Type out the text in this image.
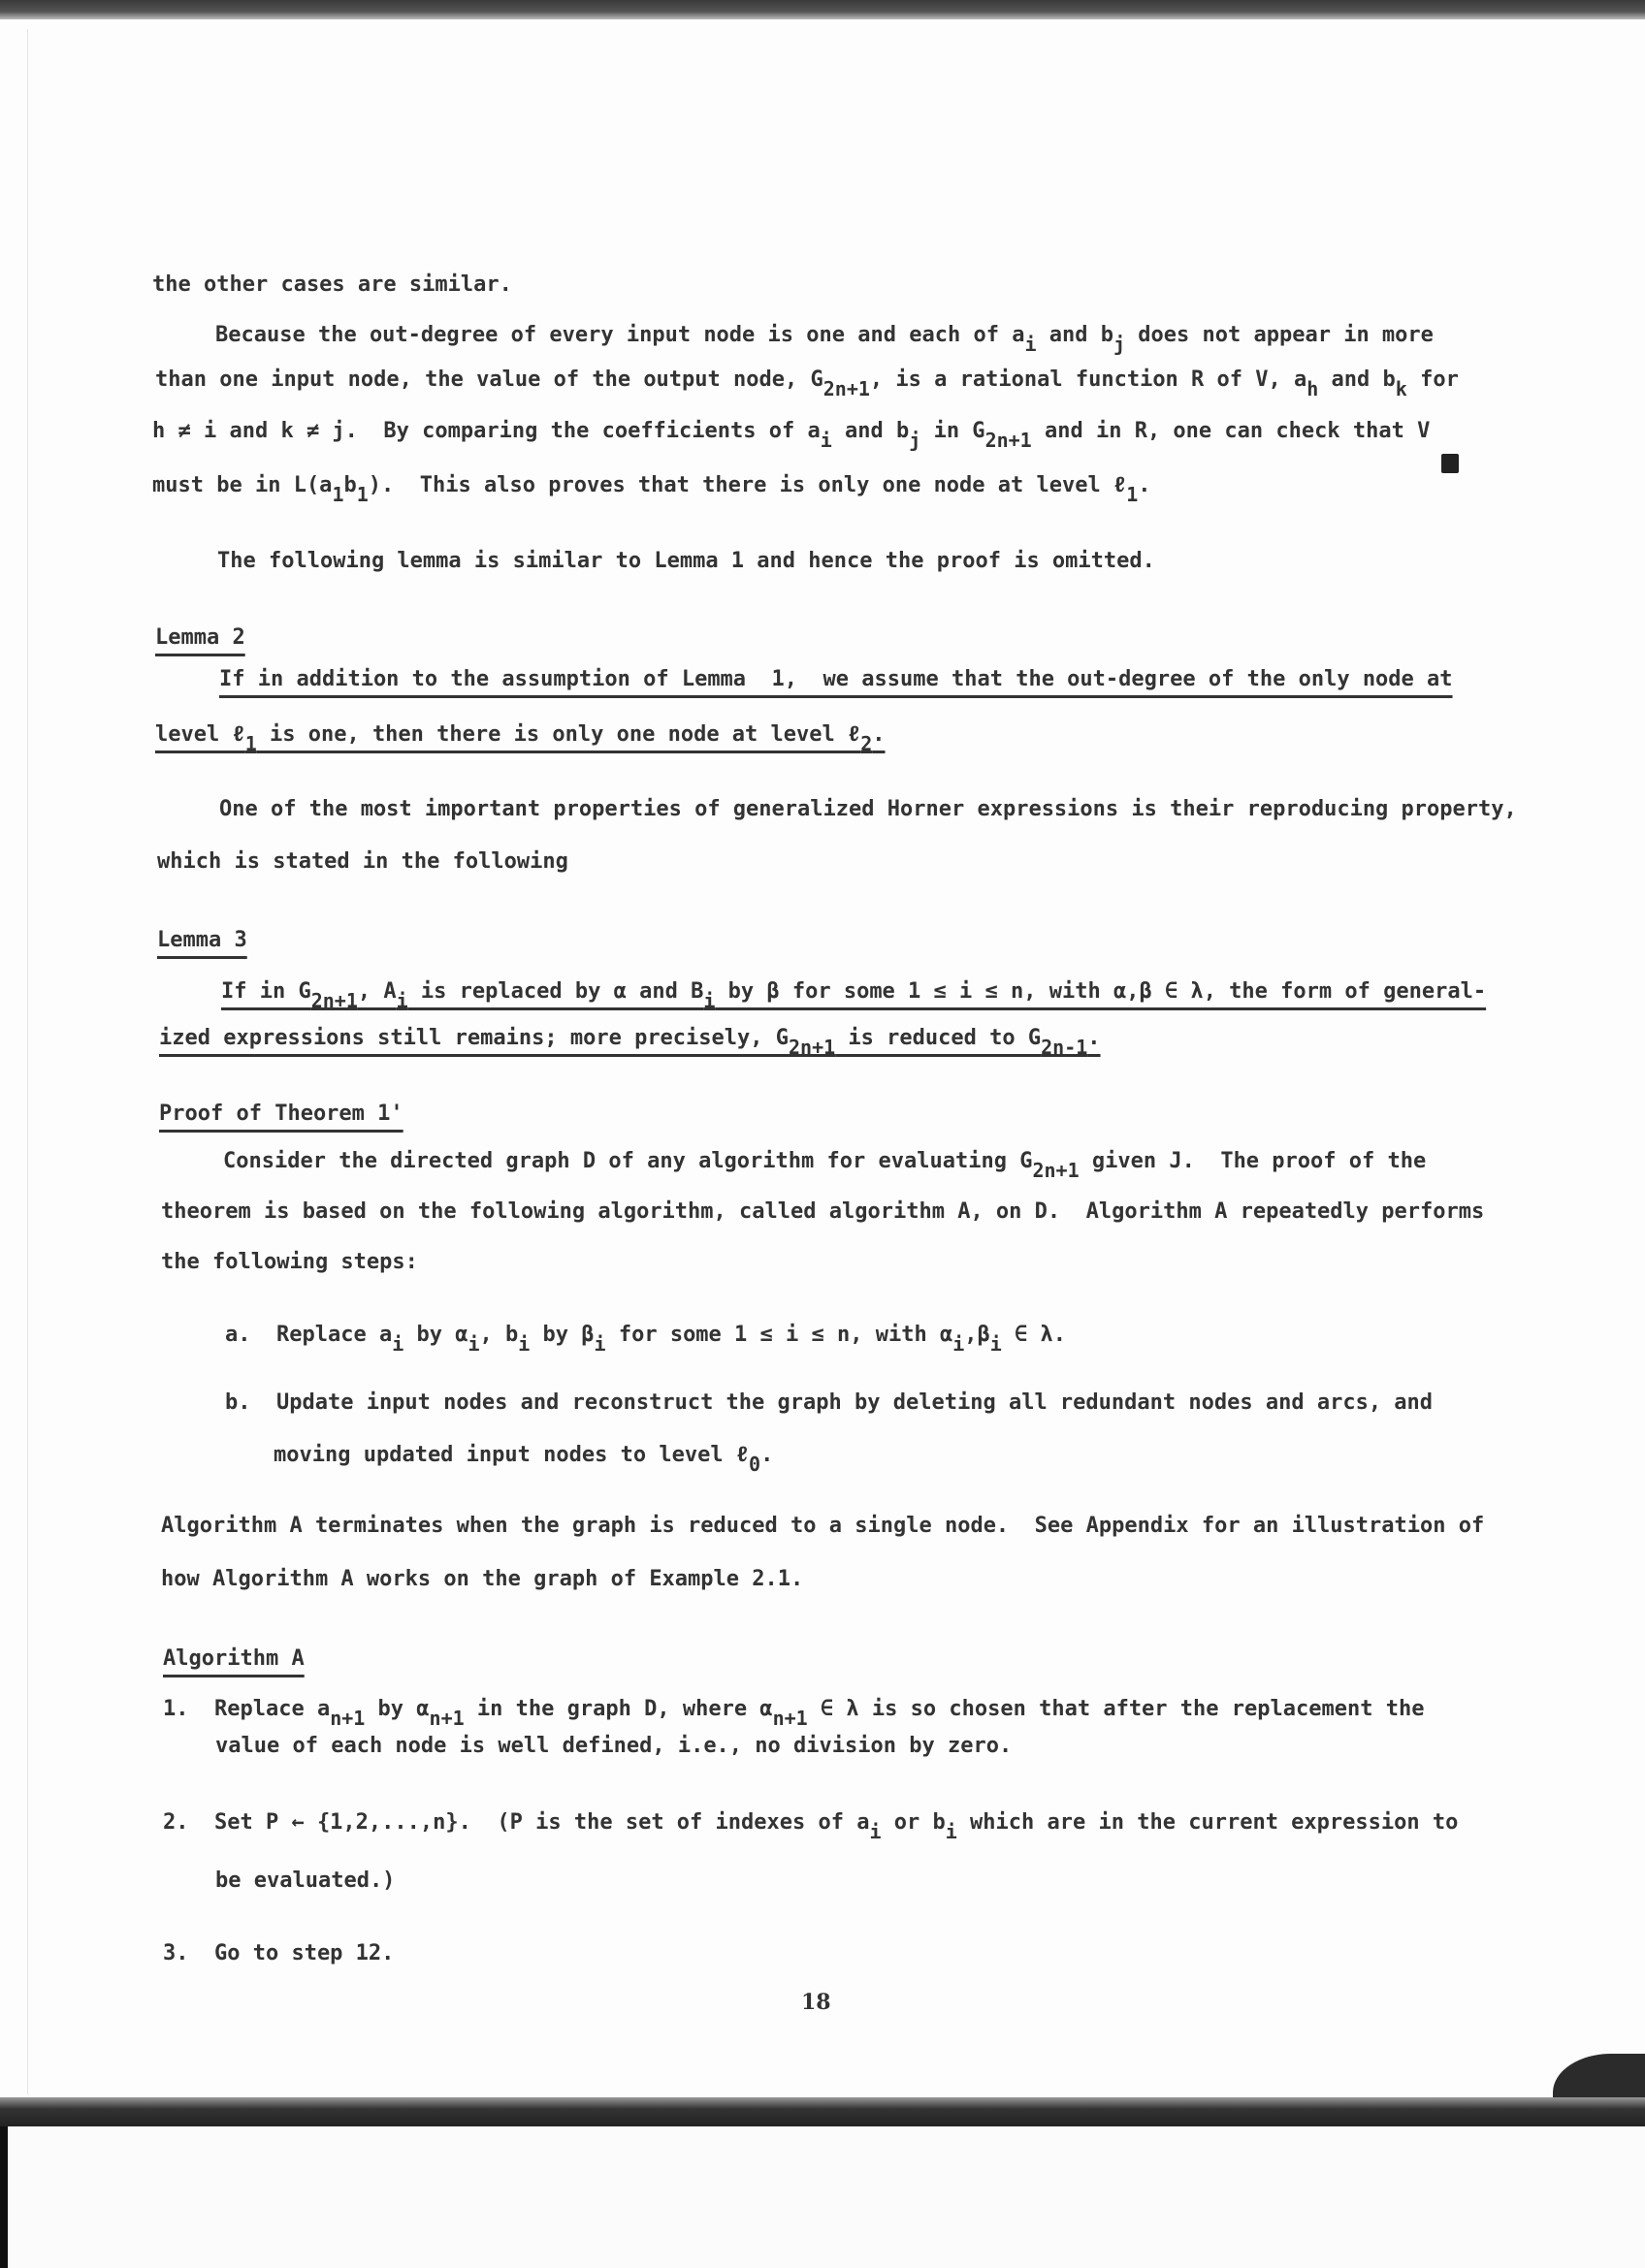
the other cases are similar.
Because the out-degree of every input node is one and each of $a_i$ and $b_j$ does not appear in more
than one input node, the value of the output node, $G_{2n+1}$, is a rational function R of V, $a_h$ and $b_k$ for
h ≠ i and k ≠ j.  By comparing the coefficients of $a_i$ and $b_j$ in $G_{2n+1}$ and in R, one can check that V
must be in $L(a_1b_1)$.  This also proves that there is only one node at level ℓ$_1$.
The following lemma is similar to Lemma 1 and hence the proof is omitted.
Lemma 2
If in addition to the assumption of Lemma  1,  we assume that the out-degree of the only node at
level ℓ$_1$ is one, then there is only one node at level ℓ$_2$.
One of the most important properties of generalized Horner expressions is their reproducing property,
which is stated in the following
Lemma 3
If in $G_{2n+1}$, $A_i$ is replaced by α and $B_i$ by β for some 1 ≤ i ≤ n, with α,β ∈ λ, the form of general-
ized expressions still remains; more precisely, $G_{2n+1}$ is reduced to $G_{2n-1}$.
Proof of Theorem 1'
Consider the directed graph D of any algorithm for evaluating $G_{2n+1}$ given J.  The proof of the
theorem is based on the following algorithm, called algorithm A, on D.  Algorithm A repeatedly performs
the following steps:
a.  Replace $a_i$ by $\alpha_i$, $b_i$ by $\beta_i$ for some 1 ≤ i ≤ n, with $\alpha_i,\beta_i$ ∈ λ.
b.  Update input nodes and reconstruct the graph by deleting all redundant nodes and arcs, and
moving updated input nodes to level ℓ$_0$.
Algorithm A terminates when the graph is reduced to a single node.  See Appendix for an illustration of
how Algorithm A works on the graph of Example 2.1.
Algorithm A
1.  Replace $a_{n+1}$ by $\alpha_{n+1}$ in the graph D, where $\alpha_{n+1}$ ∈ λ is so chosen that after the replacement the
value of each node is well defined, i.e., no division by zero.
2.  Set P ← {1,2,...,n}.  (P is the set of indexes of $a_i$ or $b_i$ which are in the current expression to
be evaluated.)
3.  Go to step 12.
18
